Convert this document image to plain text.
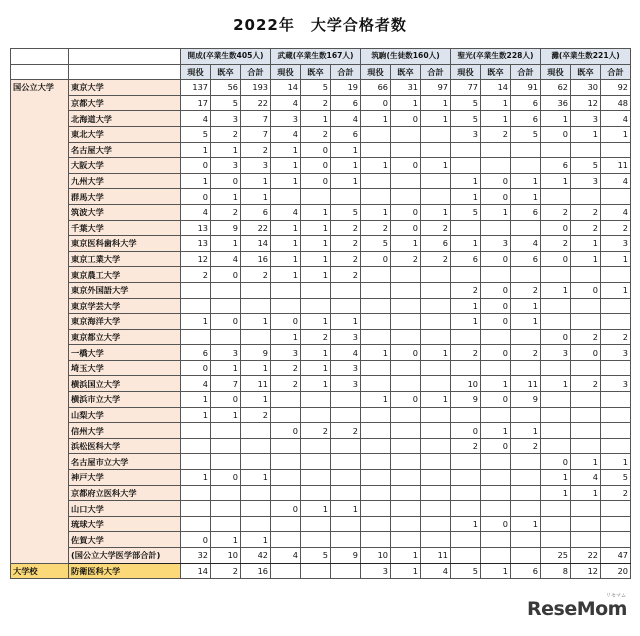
2022年　大学合格者数
		開成(卒業生数405人)			武蔵(卒業生数167人)			筑駒(生徒数160人)			聖光(卒業生数228人)			灘(卒業生数221人)		
		現役	既卒	合計	現役	既卒	合計	現役	既卒	合計	現役	既卒	合計	現役	既卒	合計
国公立大学	東京大学	137	56	193	14	5	19	66	31	97	77	14	91	62	30	92
	京都大学	17	5	22	4	2	6	0	1	1	5	1	6	36	12	48
	北海道大学	4	3	7	3	1	4	1	0	1	5	1	6	1	3	4
	東北大学	5	2	7	4	2	6				3	2	5	0	1	1
	名古屋大学	1	1	2	1	0	1									
	大阪大学	0	3	3	1	0	1	1	0	1				6	5	11
	九州大学	1	0	1	1	0	1				1	0	1	1	3	4
	群馬大学	0	1	1							1	0	1			
	筑波大学	4	2	6	4	1	5	1	0	1	5	1	6	2	2	4
	千葉大学	13	9	22	1	1	2	2	0	2				0	2	2
	東京医科歯科大学	13	1	14	1	1	2	5	1	6	1	3	4	2	1	3
	東京工業大学	12	4	16	1	1	2	0	2	2	6	0	6	0	1	1
	東京農工大学	2	0	2	1	1	2									
	東京外国語大学										2	0	2	1	0	1
	東京学芸大学										1	0	1			
	東京海洋大学	1	0	1	0	1	1				1	0	1			
	東京都立大学				1	2	3							0	2	2
	一橋大学	6	3	9	3	1	4	1	0	1	2	0	2	3	0	3
	埼玉大学	0	1	1	2	1	3									
	横浜国立大学	4	7	11	2	1	3				10	1	11	1	2	3
	横浜市立大学	1	0	1				1	0	1	9	0	9			
	山梨大学	1	1	2												
	信州大学				0	2	2				0	1	1			
	浜松医科大学										2	0	2			
	名古屋市立大学													0	1	1
	神戸大学	1	0	1										1	4	5
	京都府立医科大学													1	1	2
	山口大学				0	1	1									
	琉球大学										1	0	1			
	佐賀大学	0	1	1												
	(国公立大学医学部合計)	32	10	42	4	5	9	10	1	11				25	22	47
大学校	防衛医科大学	14	2	16				3	1	4	5	1	6	8	12	20
ReseMom
リセマム
